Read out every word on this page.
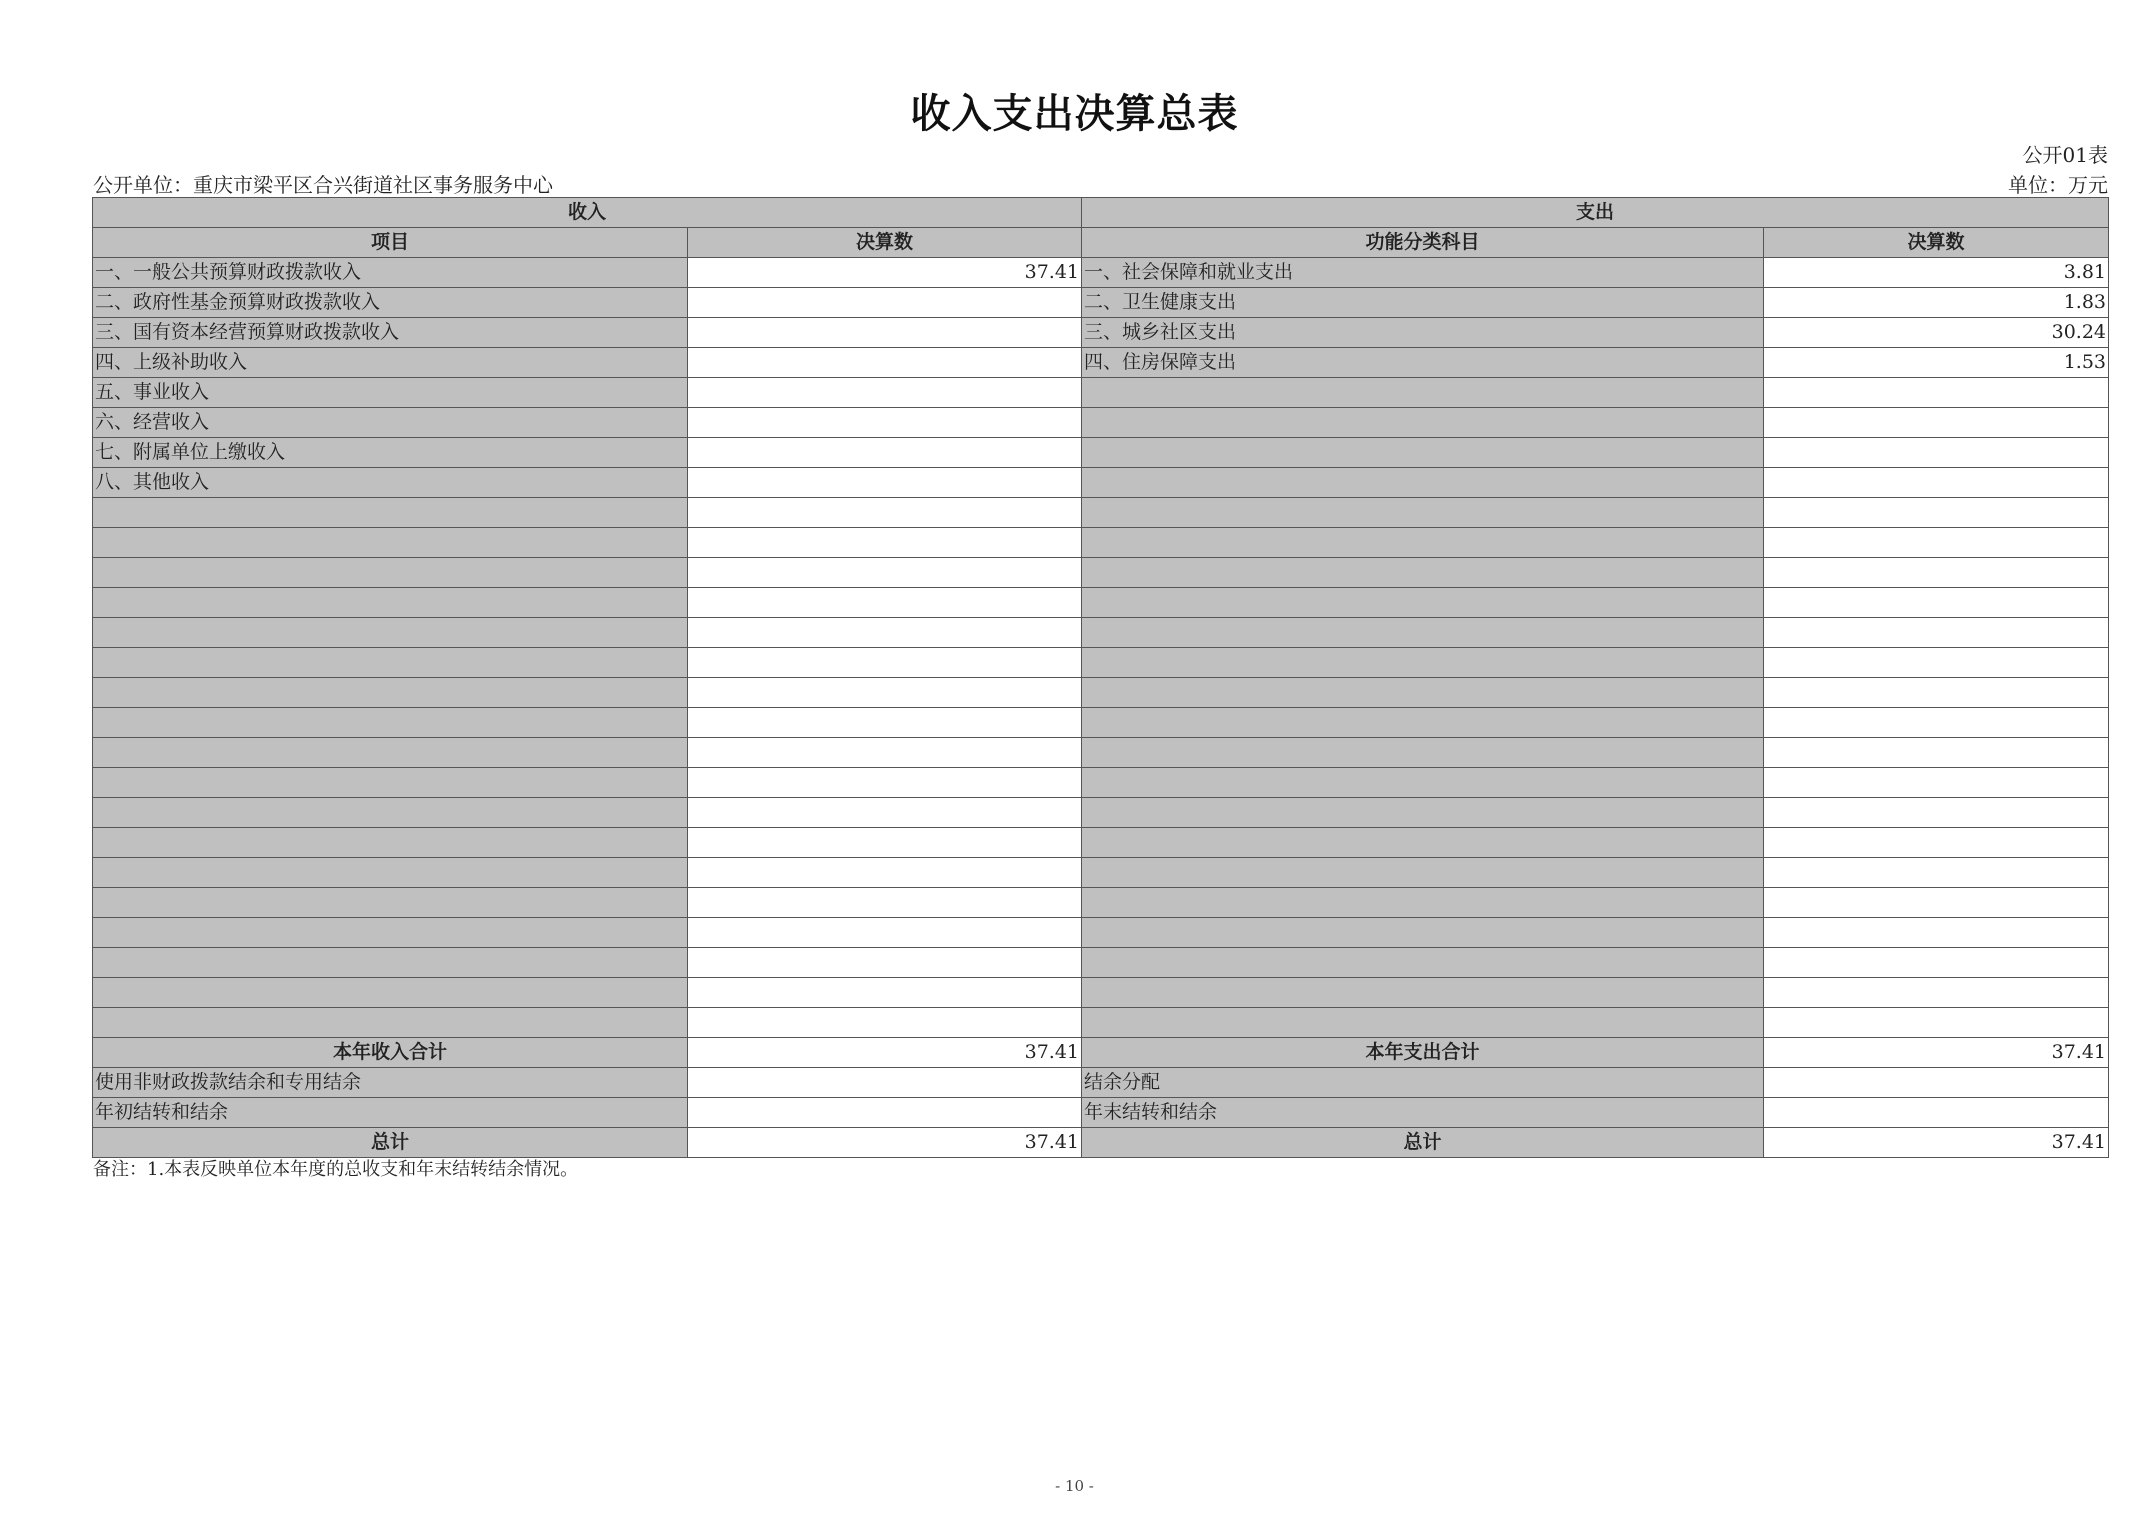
收入支出决算总表
公开01表
公开单位：重庆市梁平区合兴街道社区事务服务中心	单位：万元
收入		支出	
项目	决算数	功能分类科目	决算数
一、一般公共预算财政拨款收入	37.41	一、社会保障和就业支出	3.81
二、政府性基金预算财政拨款收入		二、卫生健康支出	1.83
三、国有资本经营预算财政拨款收入		三、城乡社区支出	30.24
四、上级补助收入		四、住房保障支出	1.53
五、事业收入			
六、经营收入			
七、附属单位上缴收入			
八、其他收入			

本年收入合计	37.41	本年支出合计	37.41
使用非财政拨款结余和专用结余		结余分配	
年初结转和结余		年末结转和结余	
总计	37.41	总计	37.41
备注：1.本表反映单位本年度的总收支和年末结转结余情况。
- 10 -
